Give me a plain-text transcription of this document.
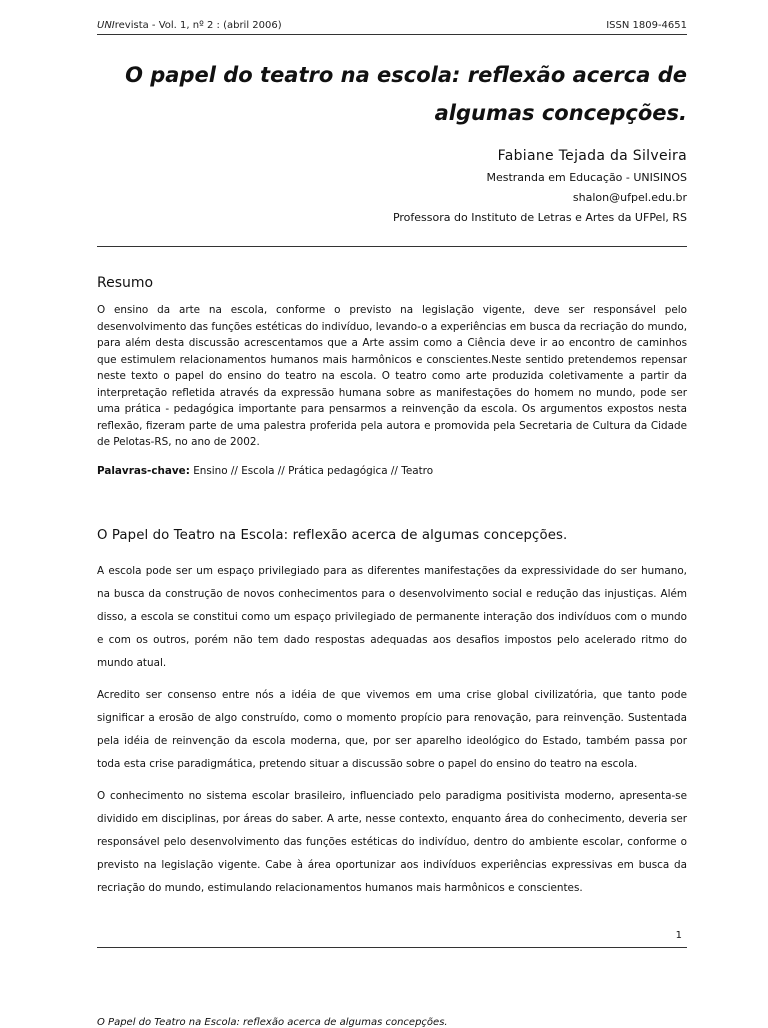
UNIrevista - Vol. 1, nº 2 : (abril 2006)	ISSN 1809-4651
O papel do teatro na escola: reflexão acerca de
algumas concepções.
Fabiane Tejada da Silveira
Mestranda em Educação - UNISINOS
shalon@ufpel.edu.br
Professora do Instituto de Letras e Artes da UFPel, RS
Resumo
O ensino da arte na escola, conforme o previsto na legislação vigente, deve ser responsável pelo desenvolvimento das funções estéticas do indivíduo, levando-o a experiências em busca da recriação do mundo, para além desta discussão acrescentamos que a Arte assim como a Ciência deve ir ao encontro de caminhos que estimulem relacionamentos humanos mais harmônicos e conscientes.Neste sentido pretendemos repensar neste texto o papel do ensino do teatro na escola. O teatro como arte produzida coletivamente a partir da interpretação refletida através da expressão humana sobre as manifestações do homem no mundo, pode ser uma prática - pedagógica importante para pensarmos a reinvenção da escola. Os argumentos expostos nesta reflexão, fizeram parte de uma palestra proferida pela autora e promovida pela Secretaria de Cultura da Cidade de Pelotas-RS, no ano de 2002.
Palavras-chave: Ensino // Escola // Prática pedagógica // Teatro
O Papel do Teatro na Escola: reflexão acerca de algumas concepções.

A escola pode ser um espaço privilegiado para as diferentes manifestações da expressividade do ser humano, na busca da construção de novos conhecimentos para o desenvolvimento social e redução das injustiças. Além disso, a escola se constitui como um espaço privilegiado de permanente interação dos indivíduos com o mundo e com os outros, porém não tem dado respostas adequadas aos desafios impostos pelo acelerado ritmo do mundo atual.

Acredito ser consenso entre nós a idéia de que vivemos em uma crise global civilizatória, que tanto pode significar a erosão de algo construído, como o momento propício para renovação, para reinvenção. Sustentada pela idéia de reinvenção da escola moderna, que, por ser aparelho ideológico do Estado, também passa por toda esta crise paradigmática, pretendo situar a discussão sobre o papel do ensino do teatro na escola.

O conhecimento no sistema escolar brasileiro, influenciado pelo paradigma positivista moderno, apresenta-se dividido em disciplinas, por áreas do saber. A arte, nesse contexto, enquanto área do conhecimento, deveria ser responsável pelo desenvolvimento das funções estéticas do indivíduo, dentro do ambiente escolar, conforme o previsto na legislação vigente. Cabe à área oportunizar aos indivíduos experiências expressivas em busca da recriação do mundo, estimulando relacionamentos humanos mais harmônicos e conscientes.

1
O Papel do Teatro na Escola: reflexão acerca de algumas concepções.
